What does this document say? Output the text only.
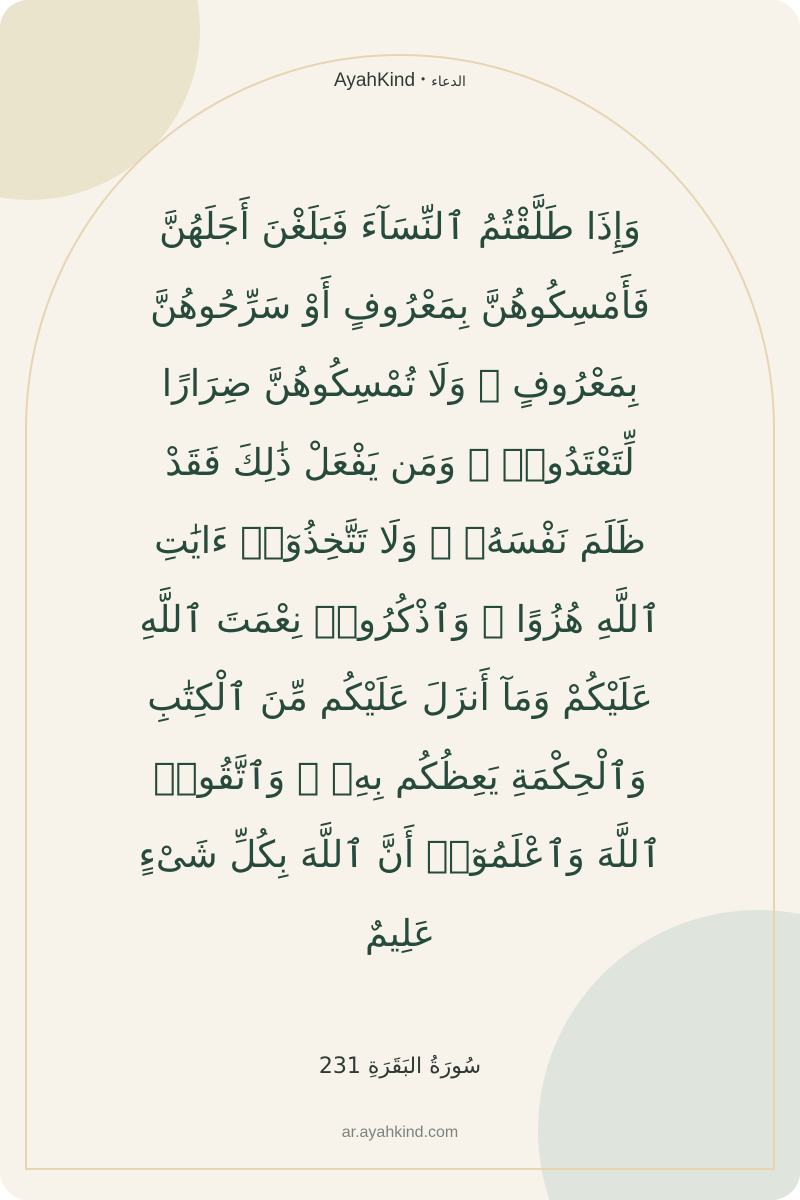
AyahKind • الدعاء
وَإِذَا طَلَّقْتُمُ ٱلنِّسَآءَ فَبَلَغْنَ أَجَلَهُنَّ فَأَمْسِكُوهُنَّ بِمَعْرُوفٍ أَوْ سَرِّحُوهُنَّ بِمَعْرُوفٍ ۚ وَلَا تُمْسِكُوهُنَّ ضِرَارًا لِّتَعْتَدُوا۟ ۚ وَمَن يَفْعَلْ ذَٰلِكَ فَقَدْ ظَلَمَ نَفْسَهُۥ ۚ وَلَا تَتَّخِذُوٓا۟ ءَايَٰتِ ٱللَّهِ هُزُوًا ۚ وَٱذْكُرُوا۟ نِعْمَتَ ٱللَّهِ عَلَيْكُمْ وَمَآ أَنزَلَ عَلَيْكُم مِّنَ ٱلْكِتَٰبِ وَٱلْحِكْمَةِ يَعِظُكُم بِهِۦ ۚ وَٱتَّقُوا۟ ٱللَّهَ وَٱعْلَمُوٓا۟ أَنَّ ٱللَّهَ بِكُلِّ شَىْءٍ عَلِيمٌ
سُورَةُ البَقَرَةِ 231
ar.ayahkind.com
